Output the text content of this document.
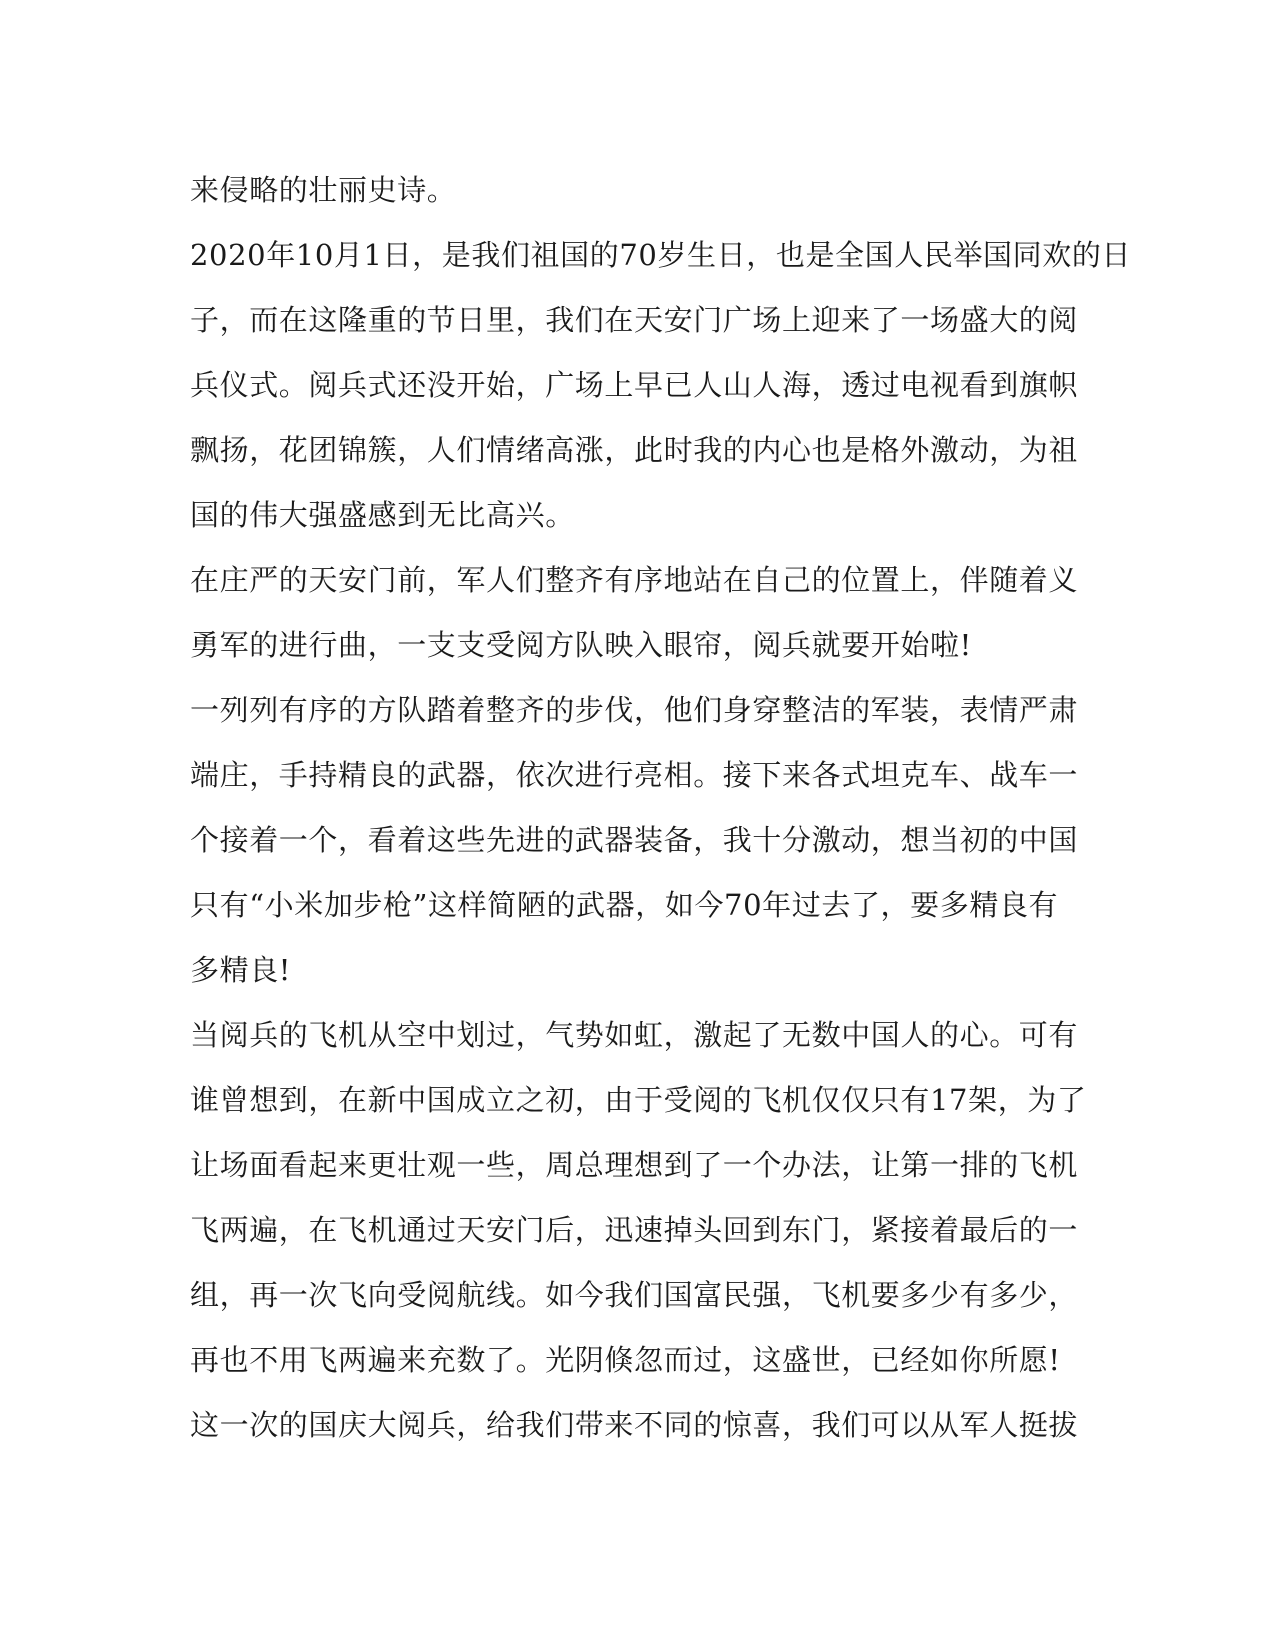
来侵略的壮丽史诗。
2020年10月1日，是我们祖国的70岁生日，也是全国人民举国同欢的日
子，而在这隆重的节日里，我们在天安门广场上迎来了一场盛大的阅
兵仪式。阅兵式还没开始，广场上早已人山人海，透过电视看到旗帜
飘扬，花团锦簇，人们情绪高涨，此时我的内心也是格外激动，为祖
国的伟大强盛感到无比高兴。
在庄严的天安门前，军人们整齐有序地站在自己的位置上，伴随着义
勇军的进行曲，一支支受阅方队映入眼帘，阅兵就要开始啦!
一列列有序的方队踏着整齐的步伐，他们身穿整洁的军装，表情严肃
端庄，手持精良的武器，依次进行亮相。接下来各式坦克车、战车一
个接着一个，看着这些先进的武器装备，我十分激动，想当初的中国
只有“小米加步枪”这样简陋的武器，如今70年过去了，要多精良有
多精良!
当阅兵的飞机从空中划过，气势如虹，激起了无数中国人的心。可有
谁曾想到，在新中国成立之初，由于受阅的飞机仅仅只有17架，为了
让场面看起来更壮观一些，周总理想到了一个办法，让第一排的飞机
飞两遍，在飞机通过天安门后，迅速掉头回到东门，紧接着最后的一
组，再一次飞向受阅航线。如今我们国富民强，飞机要多少有多少，
再也不用飞两遍来充数了。光阴倏忽而过，这盛世，已经如你所愿!
这一次的国庆大阅兵，给我们带来不同的惊喜，我们可以从军人挺拔
